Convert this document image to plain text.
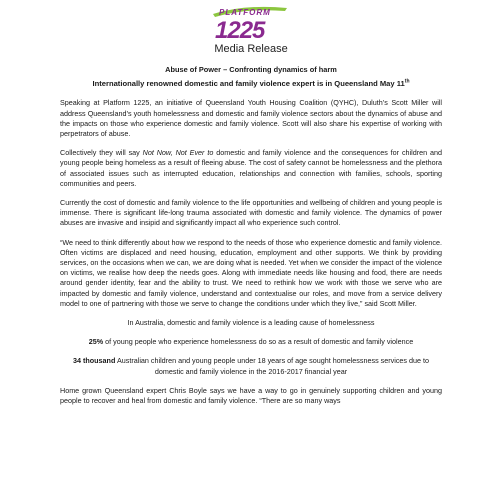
PLATFORM
1225
Media Release
Abuse of Power – Confronting dynamics of harm
Internationally renowned domestic and family violence expert is in Queensland May 11th

Speaking at Platform 1225, an initiative of Queensland Youth Housing Coalition (QYHC), Duluth’s Scott Miller will address Queensland’s youth homelessness and domestic and family violence sectors about the dynamics of abuse and the impacts on those who experience domestic and family violence. Scott will also share his expertise of working with perpetrators of abuse.

Collectively they will say Not Now, Not Ever to domestic and family violence and the consequences for children and young people being homeless as a result of fleeing abuse. The cost of safety cannot be homelessness and the plethora of associated issues such as interrupted education, relationships and connection with families, schools, sporting communities and peers.

Currently the cost of domestic and family violence to the life opportunities and wellbeing of children and young people is immense. There is significant life-long trauma associated with domestic and family violence. The dynamics of power abuses are invasive and insipid and significantly impact all who experience such control.

“We need to think differently about how we respond to the needs of those who experience domestic and family violence. Often victims are displaced and need housing, education, employment and other supports. We think by providing services, on the occasions when we can, we are doing what is needed. Yet when we consider the impact of the violence on victims, we realise how deep the needs goes. Along with immediate needs like housing and food, there are needs around gender identity, fear and the ability to trust. We need to rethink how we work with those we serve who are impacted by domestic and family violence, understand and contextualise our roles, and move from a service delivery model to one of partnering with those we serve to change the conditions under which they live,” said Scott Miller.

In Australia, domestic and family violence is a leading cause of homelessness
25% of young people who experience homelessness do so as a result of domestic and family violence
34 thousand Australian children and young people under 18 years of age sought homelessness services due to domestic and family violence in the 2016-2017 financial year

Home grown Queensland expert Chris Boyle says we have a way to go in genuinely supporting children and young people to recover and heal from domestic and family violence. “There are so many ways
